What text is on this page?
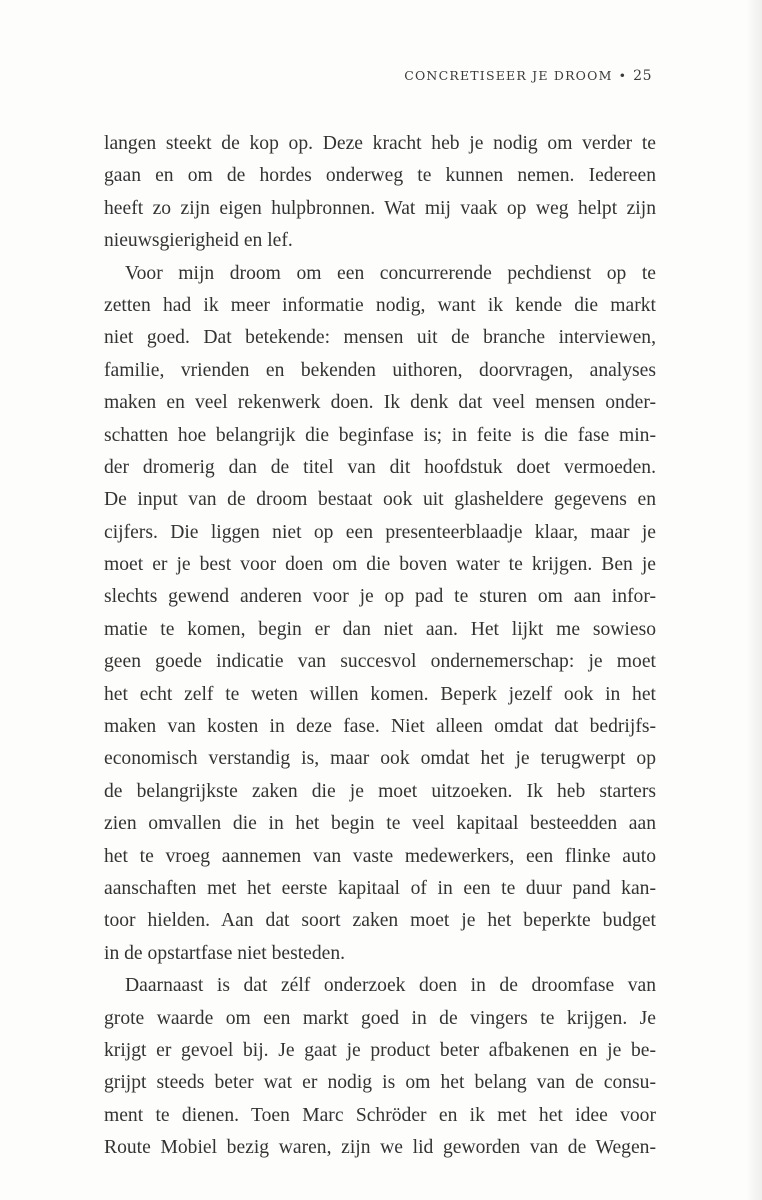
CONCRETISEER JE DROOM • 25
langen steekt de kop op. Deze kracht heb je nodig om verder te
gaan en om de hordes onderweg te kunnen nemen. Iedereen
heeft zo zijn eigen hulpbronnen. Wat mij vaak op weg helpt zijn
nieuwsgierigheid en lef.
Voor mijn droom om een concurrerende pechdienst op te
zetten had ik meer informatie nodig, want ik kende die markt
niet goed. Dat betekende: mensen uit de branche interviewen,
familie, vrienden en bekenden uithoren, doorvragen, analyses
maken en veel rekenwerk doen. Ik denk dat veel mensen onder-
schatten hoe belangrijk die beginfase is; in feite is die fase min-
der dromerig dan de titel van dit hoofdstuk doet vermoeden.
De input van de droom bestaat ook uit glasheldere gegevens en
cijfers. Die liggen niet op een presenteerblaadje klaar, maar je
moet er je best voor doen om die boven water te krijgen. Ben je
slechts gewend anderen voor je op pad te sturen om aan infor-
matie te komen, begin er dan niet aan. Het lijkt me sowieso
geen goede indicatie van succesvol ondernemerschap: je moet
het echt zelf te weten willen komen. Beperk jezelf ook in het
maken van kosten in deze fase. Niet alleen omdat dat bedrijfs-
economisch verstandig is, maar ook omdat het je terugwerpt op
de belangrijkste zaken die je moet uitzoeken. Ik heb starters
zien omvallen die in het begin te veel kapitaal besteedden aan
het te vroeg aannemen van vaste medewerkers, een flinke auto
aanschaften met het eerste kapitaal of in een te duur pand kan-
toor hielden. Aan dat soort zaken moet je het beperkte budget
in de opstartfase niet besteden.
Daarnaast is dat zélf onderzoek doen in de droomfase van
grote waarde om een markt goed in de vingers te krijgen. Je
krijgt er gevoel bij. Je gaat je product beter afbakenen en je be-
grijpt steeds beter wat er nodig is om het belang van de consu-
ment te dienen. Toen Marc Schröder en ik met het idee voor
Route Mobiel bezig waren, zijn we lid geworden van de Wegen-
